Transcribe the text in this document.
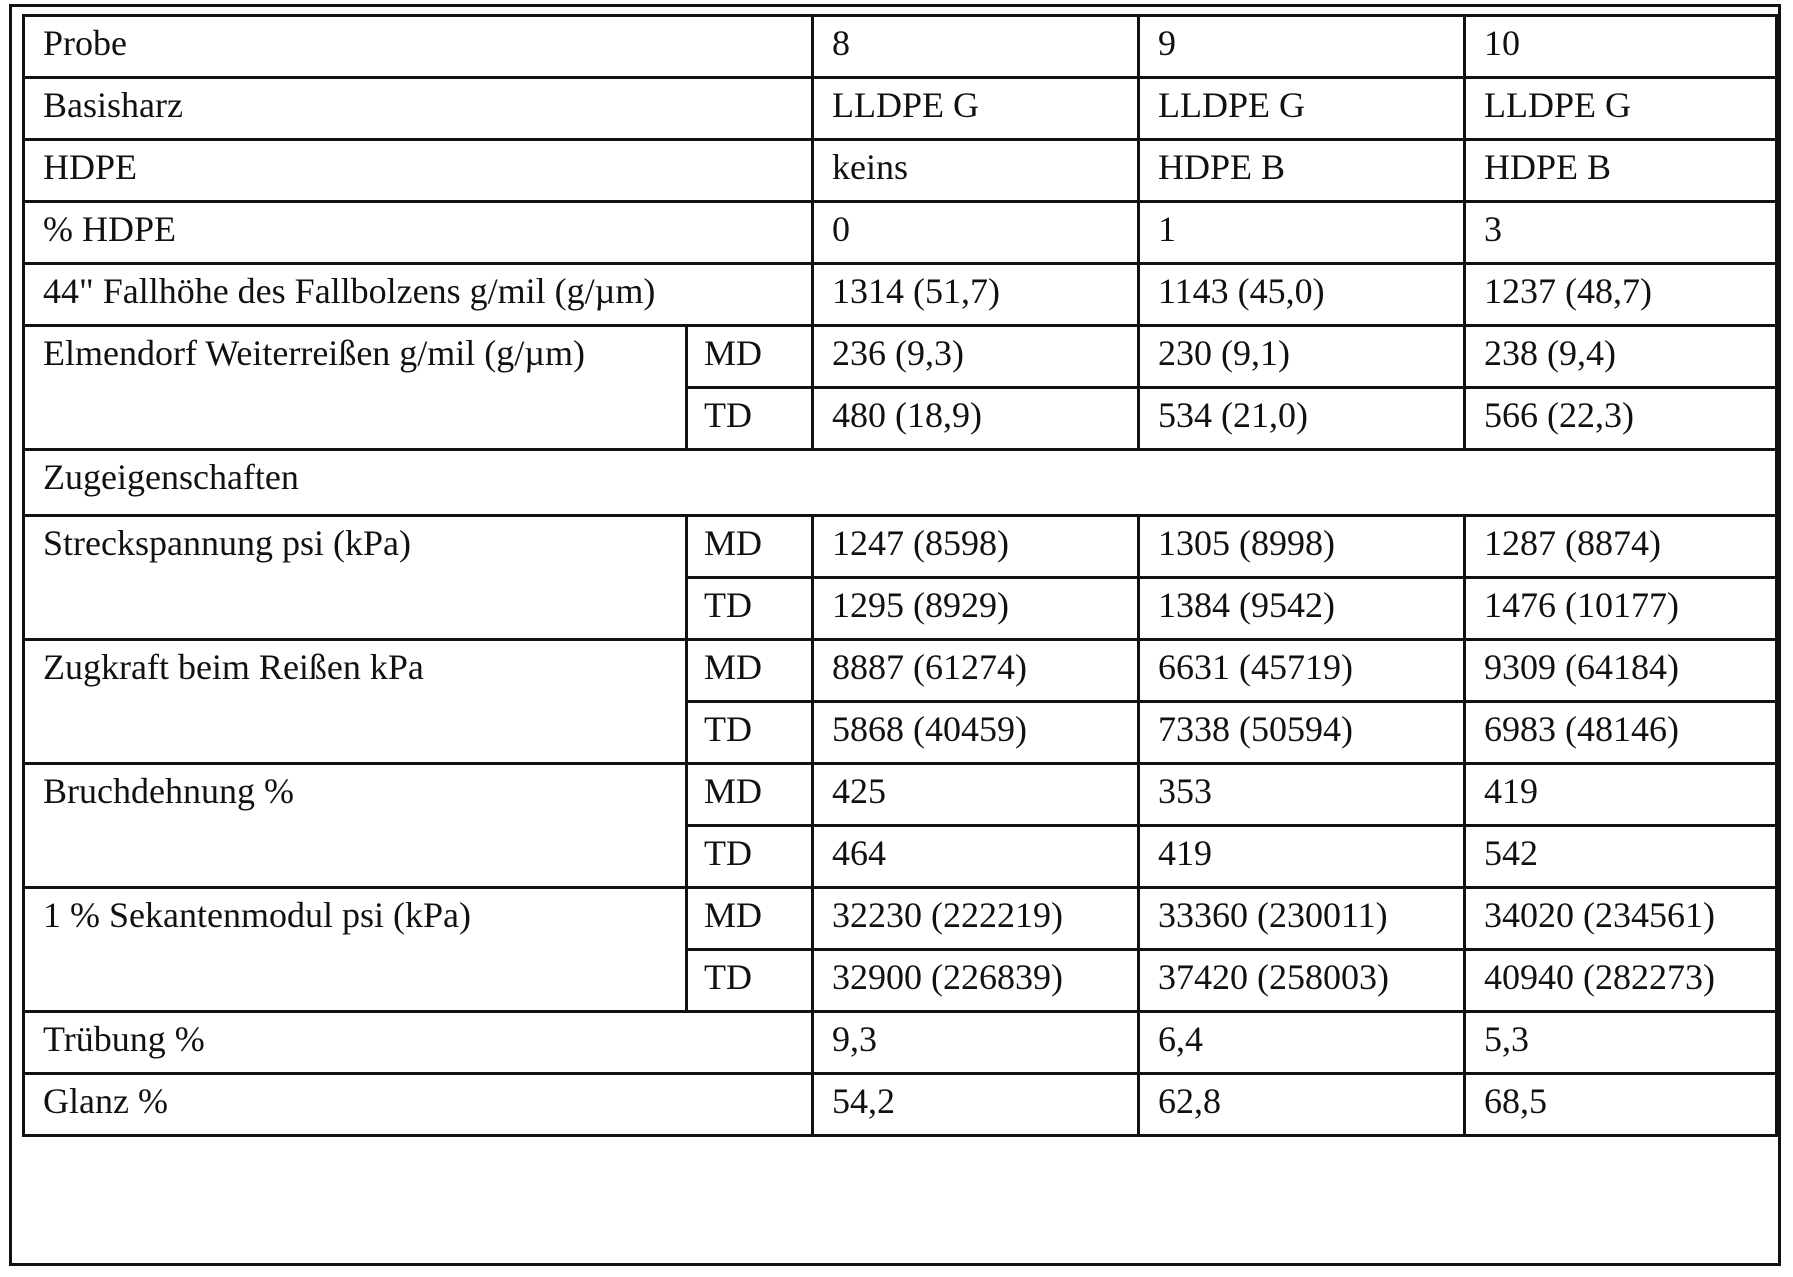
Probe	8	9	10
Basisharz	LLDPE G	LLDPE G	LLDPE G
HDPE	keins	HDPE B	HDPE B
% HDPE	0	1	3
44" Fallhöhe des Fallbolzens g/mil (g/µm)	1314 (51,7)	1143 (45,0)	1237 (48,7)
Elmendorf Weiterreißen g/mil (g/µm)	MD	236 (9,3)	230 (9,1)	238 (9,4)
TD	480 (18,9)	534 (21,0)	566 (22,3)
Zugeigenschaften
Streckspannung psi (kPa)	MD	1247 (8598)	1305 (8998)	1287 (8874)
TD	1295 (8929)	1384 (9542)	1476 (10177)
Zugkraft beim Reißen kPa	MD	8887 (61274)	6631 (45719)	9309 (64184)
TD	5868 (40459)	7338 (50594)	6983 (48146)
Bruchdehnung %	MD	425	353	419
TD	464	419	542
1 % Sekantenmodul psi (kPa)	MD	32230 (222219)	33360 (230011)	34020 (234561)
TD	32900 (226839)	37420 (258003)	40940 (282273)
Trübung %	9,3	6,4	5,3
Glanz %	54,2	62,8	68,5
